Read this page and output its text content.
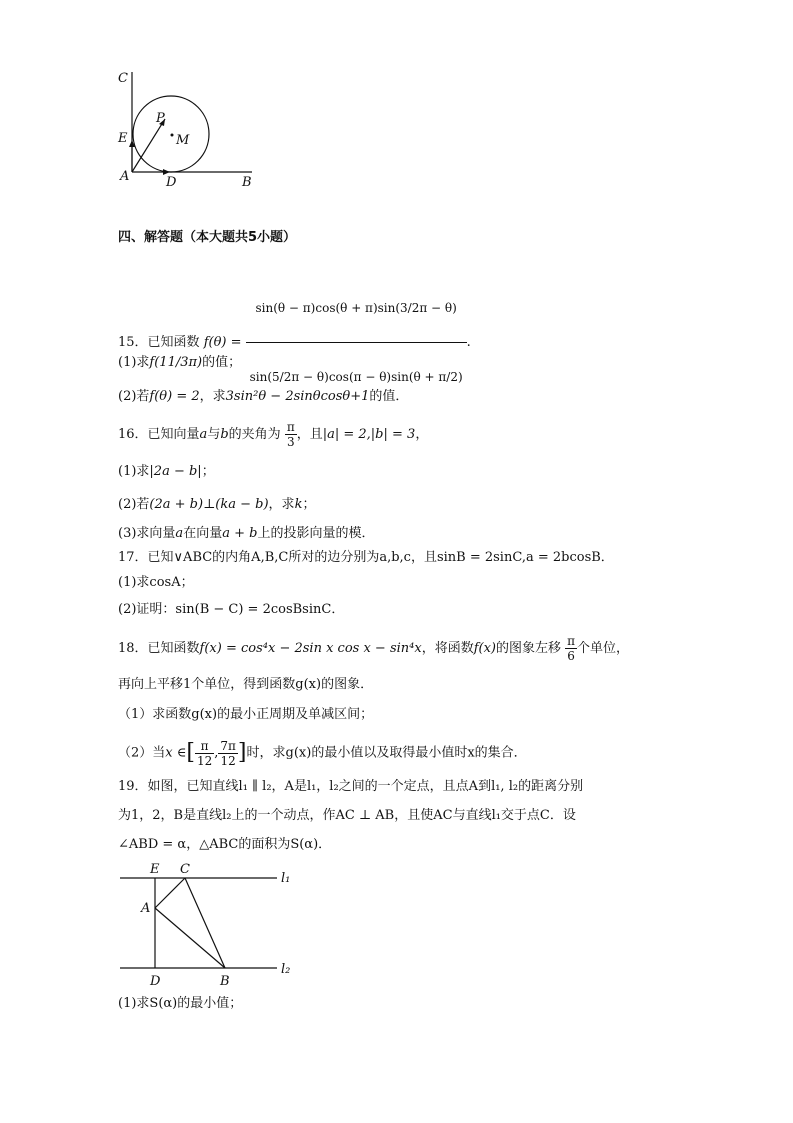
C
E
P
M
A	D	B
四、解答题（本大题共5小题）
15．已知函数 $f(\theta) = \frac{\sin(\theta - \pi)\cos(\theta + \pi)\sin(3/2\pi - \theta)}{\sin(5/2\pi - \theta)\cos(\pi - \theta)\sin(\theta + \pi/2)}$ .
(1)求f(11/3π)的值；
(2)若f(θ) = 2，求3sin²θ − 2sinθcosθ+1的值．
16．已知向量a与b的夹角为 $\frac{\pi}{3}$ ，且|a| = 2,|b| = 3，
(1)求|2a − b|；
(2)若(2a + b)⊥(ka − b)，求k；
(3)求向量a在向量a + b上的投影向量的模．
17．已知∨ABC的内角A,B,C所对的边分别为a,b,c，且sinB = 2sinC,a = 2bcosB．
(1)求cosA；
(2)证明：sin(B − C) = 2cosBsinC．
18．已知函数f(x) = cos⁴x − 2sin x cos x − sin⁴x，将函数f(x)的图象左移 $\frac{\pi}{6}$ 个单位，
再向上平移1个单位，得到函数g(x)的图象．
（1）求函数g(x)的最小正周期及单减区间；
（2）当x ∈[ $\frac{\pi}{12}$ , $\frac{7\pi}{12}$ ]时，求g(x)的最小值以及取得最小值时x的集合．
19．如图，已知直线l₁ ∥ l₂，A是l₁，l₂之间的一个定点，且点A到l₁, l₂的距离分别
为1，2，B是直线l₂上的一个动点，作AC ⊥ AB，且使AC与直线l₁交于点C．设
∠ABD = α，△ABC的面积为S(α)．
E C
l₁
A
D	B
l₂
(1)求S(α)的最小值；
